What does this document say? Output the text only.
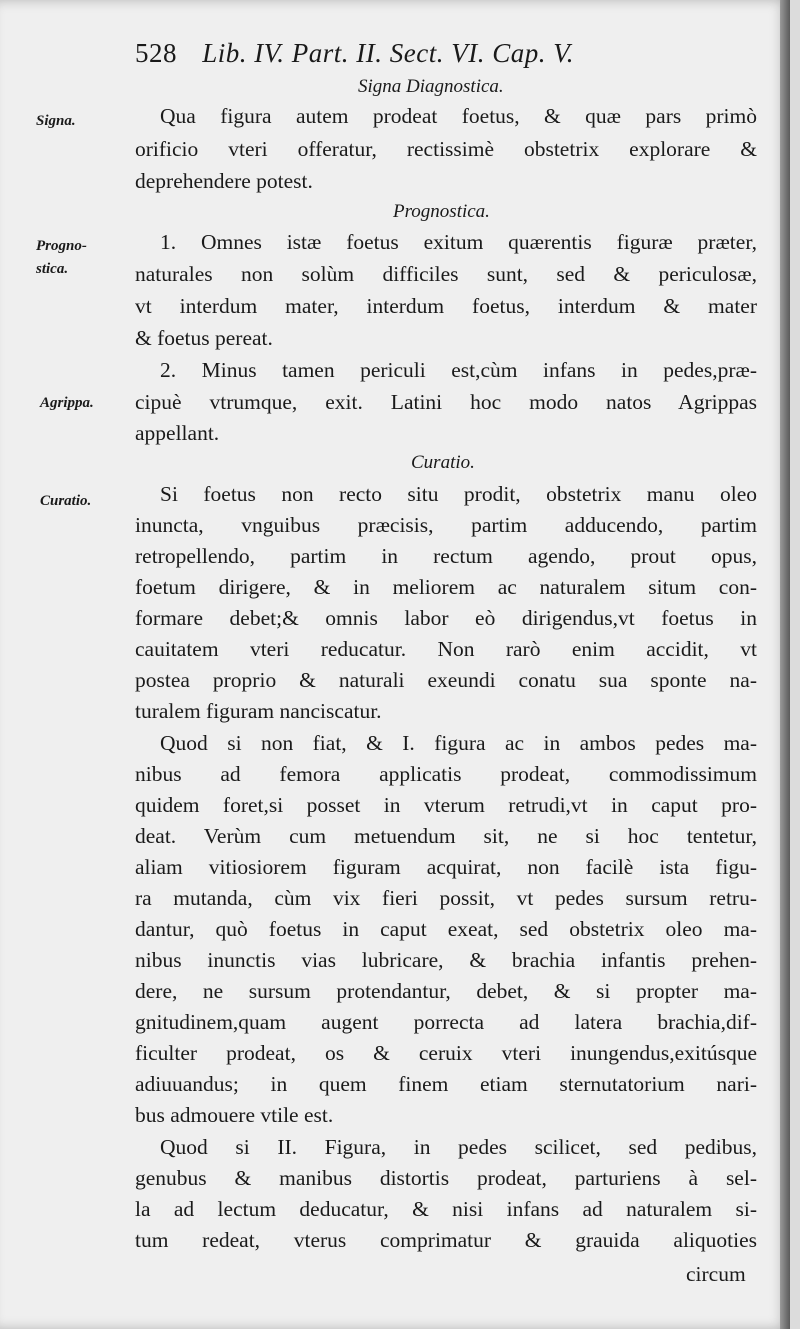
528 Lib. IV. Part. II. Sect. VI. Cap. V.
Signa Diagnostica.
Signa.	Qua figura autem prodeat foetus, & quæ pars primò
orificio vteri offeratur, rectissimè obstetrix explorare &
deprehendere potest.
Prognostica.
Progno-
stica.
1. Omnes istæ foetus exitum quærentis figuræ præter,
naturales non solùm difficiles sunt, sed & periculosæ,
vt interdum mater, interdum foetus, interdum & mater
& foetus pereat.
2. Minus tamen periculi est,cùm infans in pedes,præ-
Agrippa. cipuè vtrumque, exit. Latini hoc modo natos Agrippas
appellant.
Curatio.
Curatio.	Si foetus non recto situ prodit, obstetrix manu oleo
inuncta, vnguibus præcisis, partim adducendo, partim
retropellendo, partim in rectum agendo, prout opus,
foetum dirigere, & in meliorem ac naturalem situm con-
formare debet;& omnis labor eò dirigendus,vt foetus in
cauitatem vteri reducatur. Non rarò enim accidit, vt
postea proprio & naturali exeundi conatu sua sponte na-
turalem figuram nanciscatur.
Quod si non fiat, & I. figura ac in ambos pedes ma-
nibus ad femora applicatis prodeat, commodissimum
quidem foret,si posset in vterum retrudi,vt in caput pro-
deat. Verùm cum metuendum sit, ne si hoc tentetur,
aliam vitiosiorem figuram acquirat, non facilè ista figu-
ra mutanda, cùm vix fieri possit, vt pedes sursum retru-
dantur, quò foetus in caput exeat, sed obstetrix oleo ma-
nibus inunctis vias lubricare, & brachia infantis prehen-
dere, ne sursum protendantur, debet, & si propter ma-
gnitudinem,quam augent porrecta ad latera brachia,dif-
ficulter prodeat, os & ceruix vteri inungendus,exitúsque
adiuuandus; in quem finem etiam sternutatorium nari-
bus admouere vtile est.
Quod si II. Figura, in pedes scilicet, sed pedibus,
genubus & manibus distortis prodeat, parturiens à sel-
la ad lectum deducatur, & nisi infans ad naturalem si-
tum redeat, vterus comprimatur & grauida aliquoties
circum
